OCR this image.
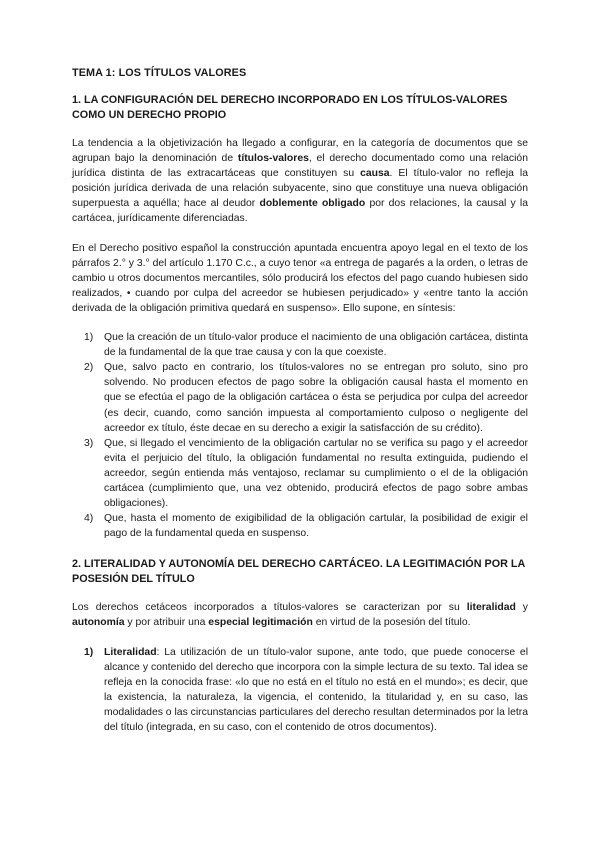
TEMA 1: LOS TÍTULOS VALORES
1. LA CONFIGURACIÓN DEL DERECHO INCORPORADO EN LOS TÍTULOS-VALORES COMO UN DERECHO PROPIO

La tendencia a la objetivización ha llegado a configurar, en la categoría de documentos que se agrupan bajo la denominación de títulos-valores, el derecho documentado como una relación jurídica distinta de las extracartáceas que constituyen su causa. El título-valor no refleja la posición jurídica derivada de una relación subyacente, sino que constituye una nueva obligación superpuesta a aquélla; hace al deudor doblemente obligado por dos relaciones, la causal y la cartácea, jurídicamente diferenciadas.

En el Derecho positivo español la construcción apuntada encuentra apoyo legal en el texto de los párrafos 2.° y 3.° del artículo 1.170 C.c., a cuyo tenor «a entrega de pagarés a la orden, o letras de cambio u otros documentos mercantiles, sólo producirá los efectos del pago cuando hubiesen sido realizados, • cuando por culpa del acreedor se hubiesen perjudicado» y «entre tanto la acción derivada de la obligación primitiva quedará en suspenso». Ello supone, en síntesis:

1) Que la creación de un título-valor produce el nacimiento de una obligación cartácea, distinta de la fundamental de la que trae causa y con la que coexiste.
2) Que, salvo pacto en contrario, los títulos-valores no se entregan pro soluto, sino pro solvendo. No producen efectos de pago sobre la obligación causal hasta el momento en que se efectúa el pago de la obligación cartácea o ésta se perjudica por culpa del acreedor (es decir, cuando, como sanción impuesta al comportamiento culposo o negligente del acreedor ex título, éste decae en su derecho a exigir la satisfacción de su crédito).
3) Que, si llegado el vencimiento de la obligación cartular no se verifica su pago y el acreedor evita el perjuicio del título, la obligación fundamental no resulta extinguida, pudiendo el acreedor, según entienda más ventajoso, reclamar su cumplimiento o el de la obligación cartácea (cumplimiento que, una vez obtenido, producirá efectos de pago sobre ambas obligaciones).
4) Que, hasta el momento de exigibilidad de la obligación cartular, la posibilidad de exigir el pago de la fundamental queda en suspenso.
2. LITERALIDAD Y AUTONOMÍA DEL DERECHO CARTÁCEO. LA LEGITIMACIÓN POR LA POSESIÓN DEL TÍTULO

Los derechos cetáceos incorporados a títulos-valores se caracterizan por su literalidad y autonomía y por atribuir una especial legitimación en virtud de la posesión del título.

1) Literalidad: La utilización de un título-valor supone, ante todo, que puede conocerse el alcance y contenido del derecho que incorpora con la simple lectura de su texto. Tal idea se refleja en la conocida frase: «lo que no está en el título no está en el mundo»; es decir, que la existencia, la naturaleza, la vigencia, el contenido, la titularidad y, en su caso, las modalidades o las circunstancias particulares del derecho resultan determinados por la letra del título (integrada, en su caso, con el contenido de otros documentos).
